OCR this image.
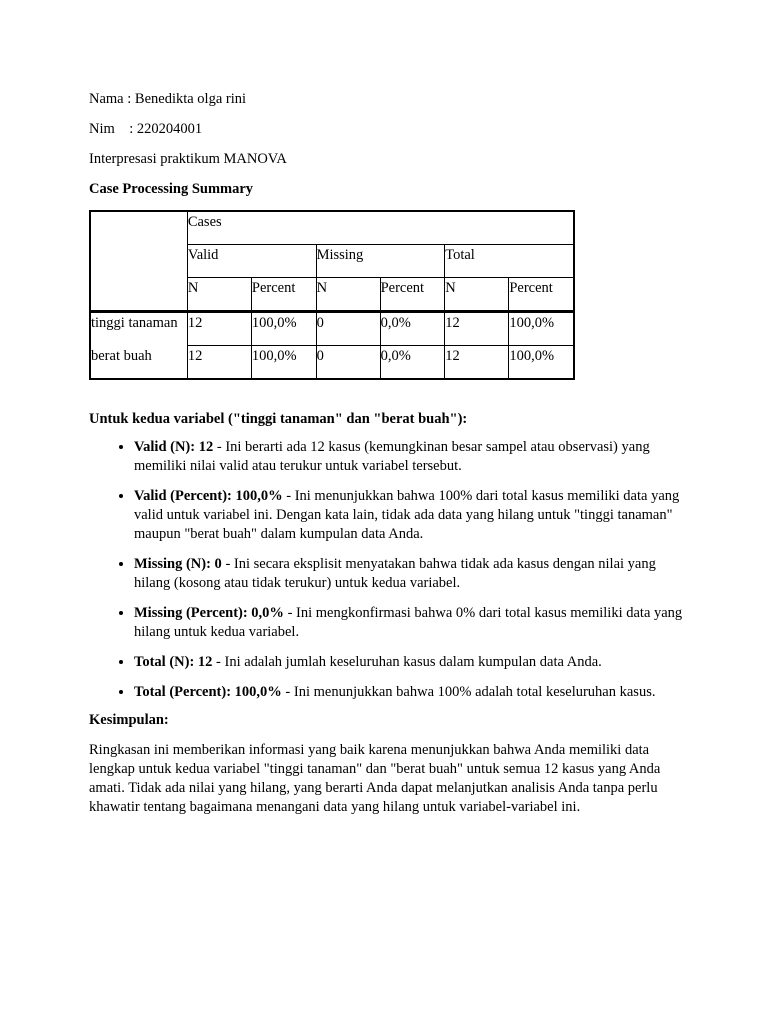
Nama : Benedikta olga rini

Nim    : 220204001

Interpresasi praktikum MANOVA

Case Processing Summary

	Cases					
	Valid		Missing		Total	
	N	Percent	N	Percent	N	Percent
tinggi tanaman	12	100,0%	0	0,0%	12	100,0%
berat buah	12	100,0%	0	0,0%	12	100,0%
Untuk kedua variabel ("tinggi tanaman" dan "berat buah"):
• Valid (N): 12 - Ini berarti ada 12 kasus (kemungkinan besar sampel atau observasi) yang memiliki nilai valid atau terukur untuk variabel tersebut.
• Valid (Percent): 100,0% - Ini menunjukkan bahwa 100% dari total kasus memiliki data yang valid untuk variabel ini. Dengan kata lain, tidak ada data yang hilang untuk "tinggi tanaman" maupun "berat buah" dalam kumpulan data Anda.
• Missing (N): 0 - Ini secara eksplisit menyatakan bahwa tidak ada kasus dengan nilai yang hilang (kosong atau tidak terukur) untuk kedua variabel.
• Missing (Percent): 0,0% - Ini mengkonfirmasi bahwa 0% dari total kasus memiliki data yang hilang untuk kedua variabel.
• Total (N): 12 - Ini adalah jumlah keseluruhan kasus dalam kumpulan data Anda.
• Total (Percent): 100,0% - Ini menunjukkan bahwa 100% adalah total keseluruhan kasus.
Kesimpulan:

Ringkasan ini memberikan informasi yang baik karena menunjukkan bahwa Anda memiliki data lengkap untuk kedua variabel "tinggi tanaman" dan "berat buah" untuk semua 12 kasus yang Anda amati. Tidak ada nilai yang hilang, yang berarti Anda dapat melanjutkan analisis Anda tanpa perlu khawatir tentang bagaimana menangani data yang hilang untuk variabel-variabel ini.
